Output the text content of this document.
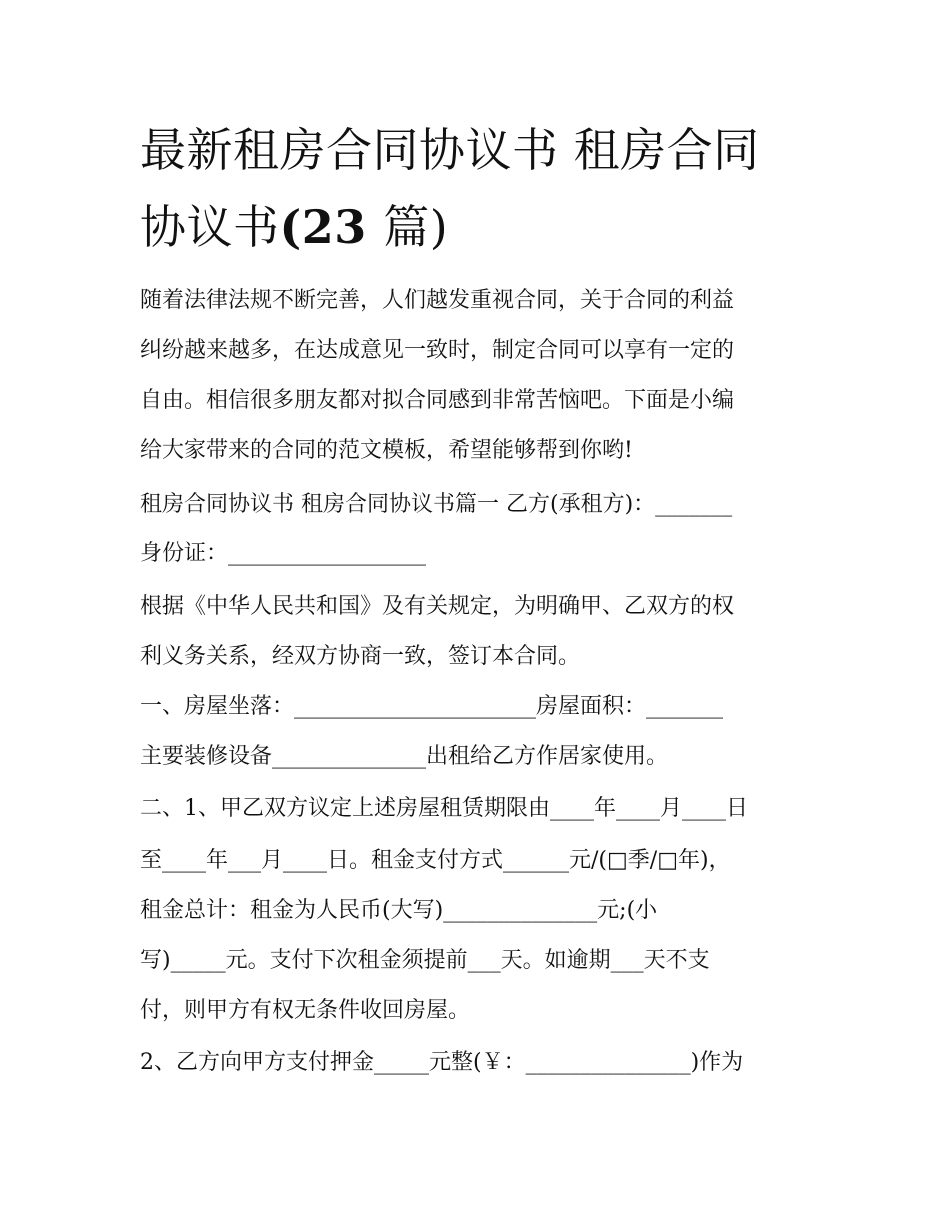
最新租房合同协议书 租房合同
协议书(23 篇)

随着法律法规不断完善，人们越发重视合同，关于合同的利益

纠纷越来越多，在达成意见一致时，制定合同可以享有一定的

自由。相信很多朋友都对拟合同感到非常苦恼吧。下面是小编

给大家带来的合同的范文模板，希望能够帮到你哟!

租房合同协议书 租房合同协议书篇一 乙方(承租方)：_______

身份证：__________________

根据《中华人民共和国》及有关规定，为明确甲、乙双方的权

利义务关系，经双方协商一致，签订本合同。

一、房屋坐落：______________________房屋面积：_______

主要装修设备______________出租给乙方作居家使用。

二、1、甲乙双方议定上述房屋租赁期限由____年____月____日

至____年___月____日。租金支付方式______元/(□季/□年)，

租金总计：租金为人民币(大写)______________元;(小

写)_____元。支付下次租金须提前___天。如逾期___天不支

付，则甲方有权无条件收回房屋。

2、乙方向甲方支付押金_____元整(￥：_______________)作为
